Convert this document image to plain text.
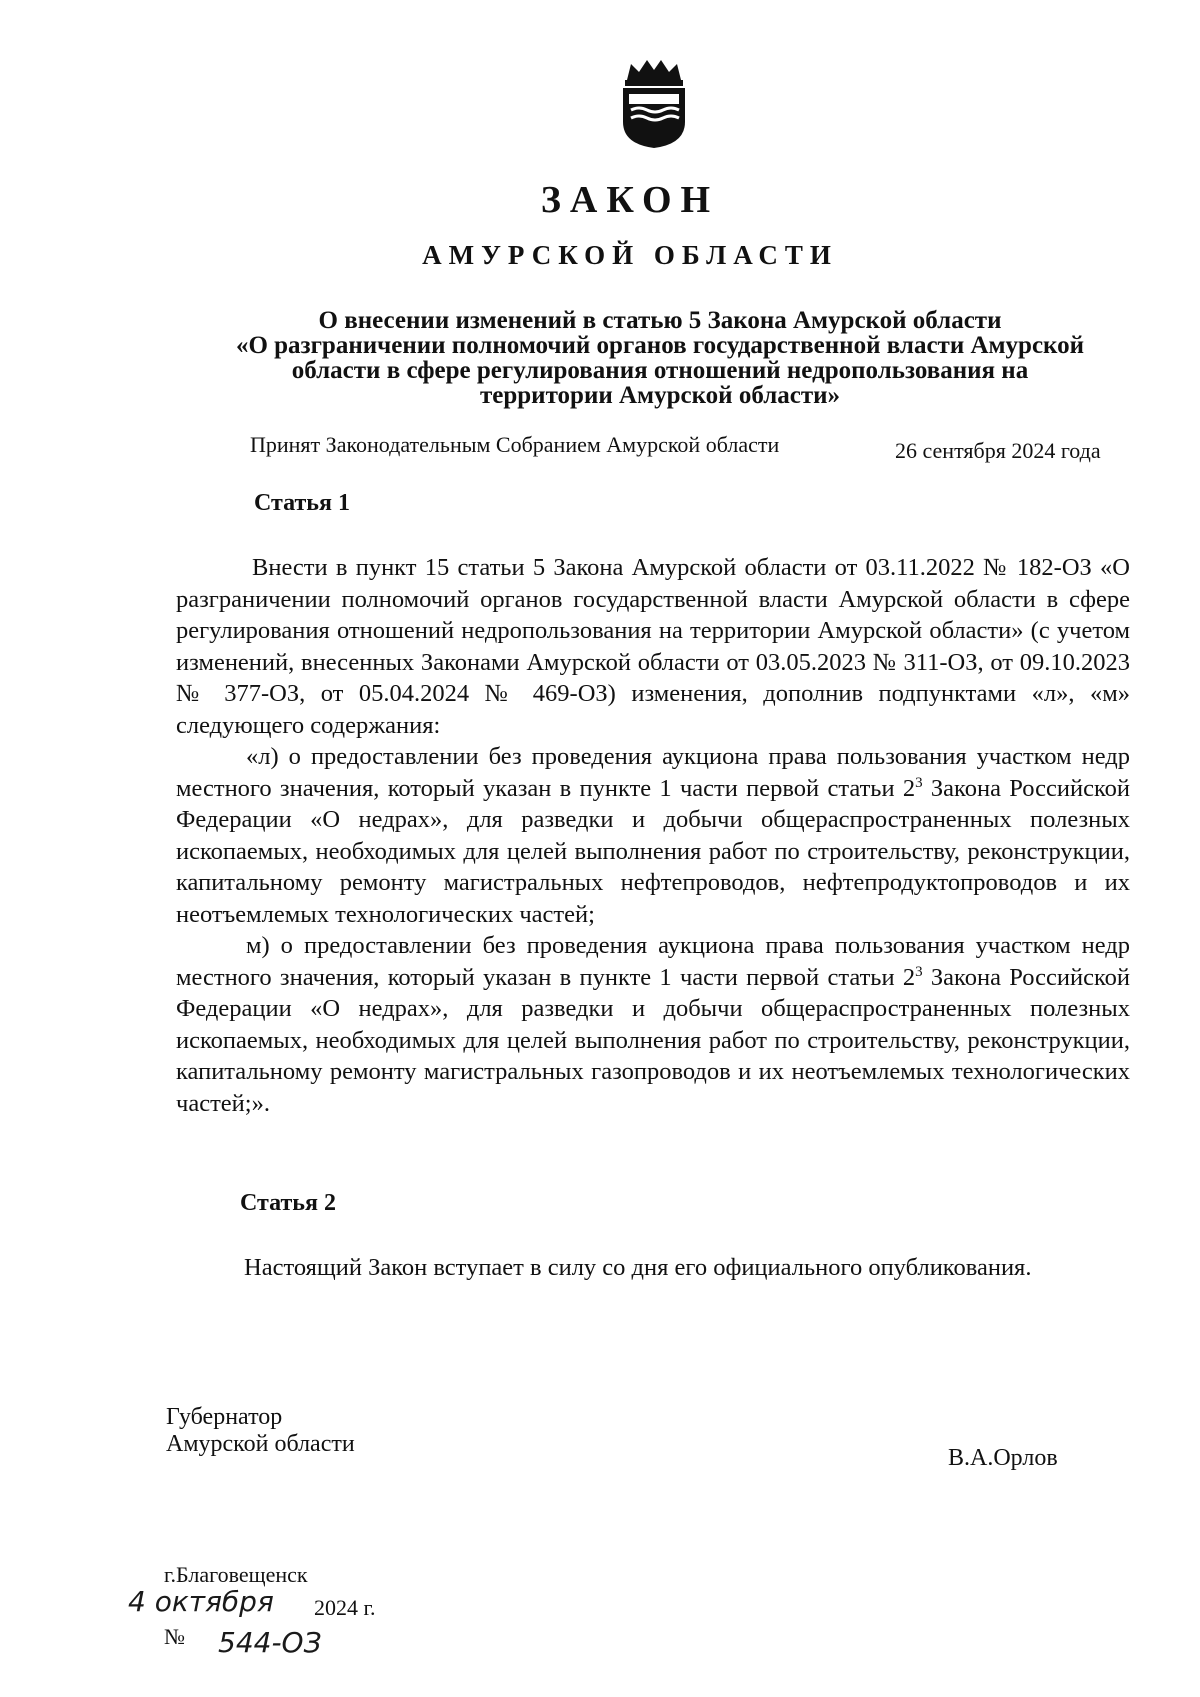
ЗАКОН
АМУРСКОЙ ОБЛАСТИ
О внесении изменений в статью 5 Закона Амурской области
«О разграничении полномочий органов государственной власти Амурской
области в сфере регулирования отношений недропользования на
территории Амурской области»
Принят Законодательным Собранием Амурской области	26 сентября 2024 года
Статья 1

Внести в пункт 15 статьи 5 Закона Амурской области от 03.11.2022 № 182-ОЗ «О разграничении полномочий органов государственной власти Амурской области в сфере регулирования отношений недропользования на территории Амурской области» (с учетом изменений, внесенных Законами Амурской области от 03.05.2023 № 311-ОЗ, от 09.10.2023 № 377-ОЗ, от 05.04.2024 № 469-ОЗ) изменения, дополнив подпунктами «л», «м» следующего содержания:

«л) о предоставлении без проведения аукциона права пользования участком недр местного значения, который указан в пункте 1 части первой статьи $2^3$ Закона Российской Федерации «О недрах», для разведки и добычи общераспространенных полезных ископаемых, необходимых для целей выполнения работ по строительству, реконструкции, капитальному ремонту магистральных нефтепроводов, нефтепродуктопроводов и их неотъемлемых технологических частей;

м) о предоставлении без проведения аукциона права пользования участком недр местного значения, который указан в пункте 1 части первой статьи $2^3$ Закона Российской Федерации «О недрах», для разведки и добычи общераспространенных полезных ископаемых, необходимых для целей выполнения работ по строительству, реконструкции, капитальному ремонту магистральных газопроводов и их неотъемлемых технологических частей;».

Статья 2

Настоящий Закон вступает в силу со дня его официального опубликования.

Губернатор
Амурской области
В.А.Орлов
г.Благовещенск
4 октября 2024 г.
№ 544-ОЗ
